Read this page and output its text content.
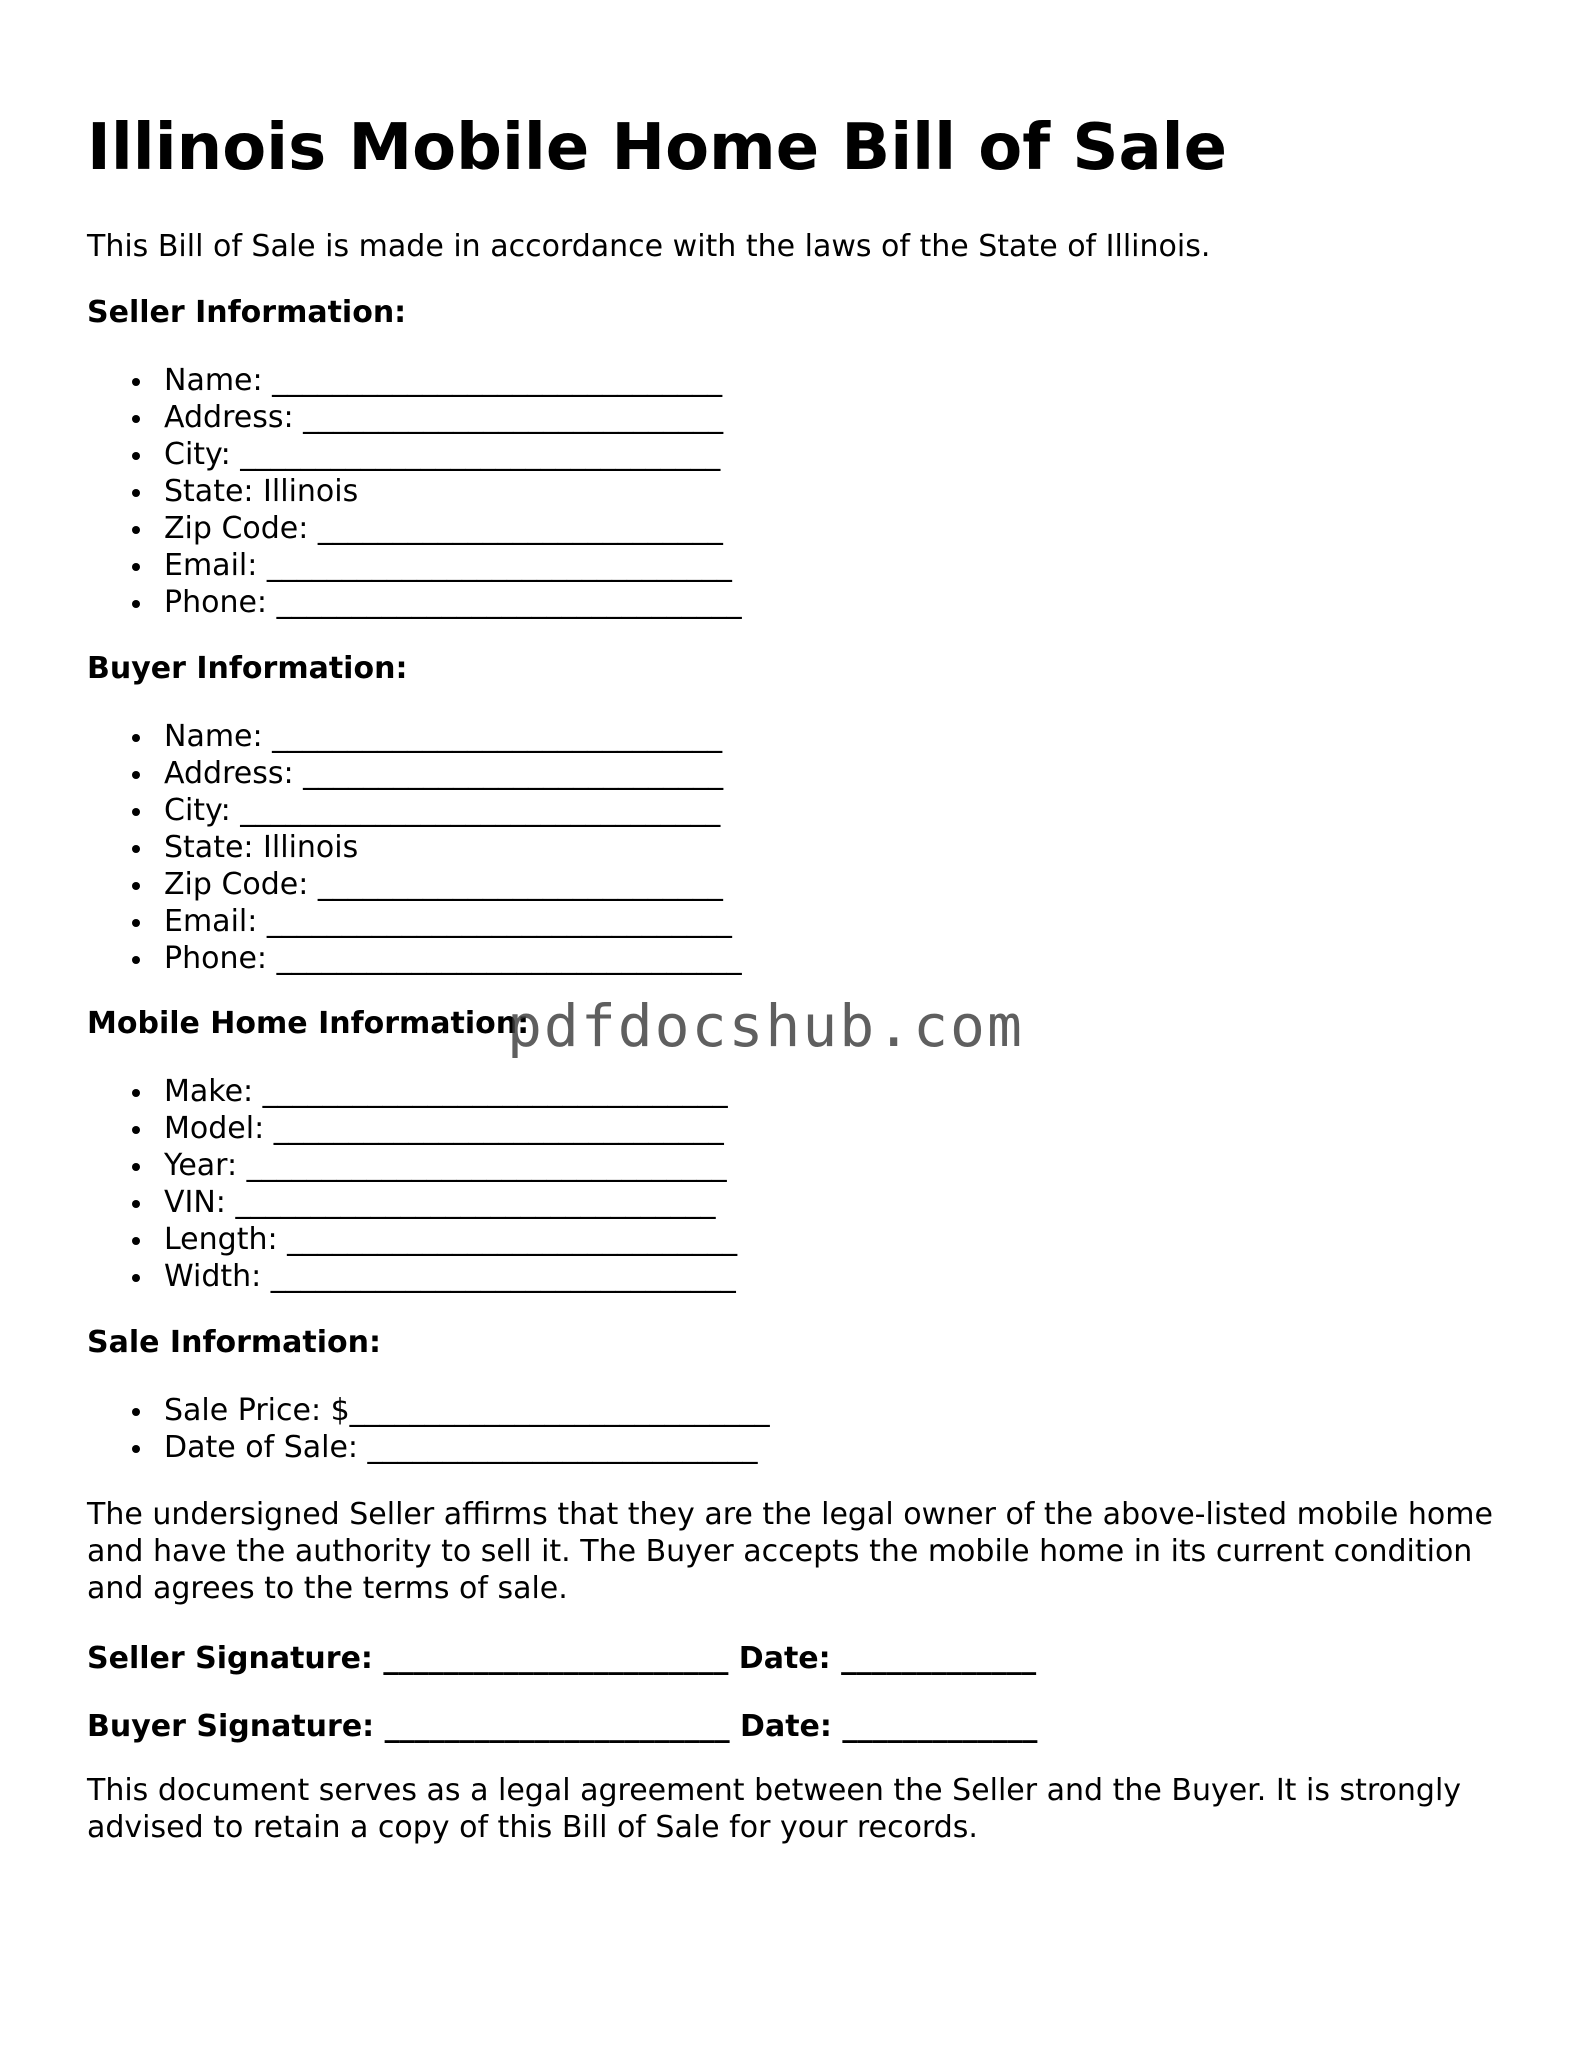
Illinois Mobile Home Bill of Sale

This Bill of Sale is made in accordance with the laws of the State of Illinois.

Seller Information:

Name: ______________________________
Address: ____________________________
City: ________________________________
State: Illinois
Zip Code: ___________________________
Email: _______________________________
Phone: _______________________________

Buyer Information:

Name: ______________________________
Address: ____________________________
City: ________________________________
State: Illinois
Zip Code: ___________________________
Email: _______________________________
Phone: _______________________________

Mobile Home Information:

Make: _______________________________
Model: ______________________________
Year: ________________________________
VIN: ________________________________
Length: ______________________________
Width: _______________________________

Sale Information:

Sale Price: $____________________________
Date of Sale: __________________________

The undersigned Seller affirms that they are the legal owner of the above-listed mobile home and have the authority to sell it. The Buyer accepts the mobile home in its current condition and agrees to the terms of sale.

Seller Signature: _______________________ Date: _____________

Buyer Signature: _______________________ Date: _____________

This document serves as a legal agreement between the Seller and the Buyer. It is strongly advised to retain a copy of this Bill of Sale for your records.

pdfdocshub.com
